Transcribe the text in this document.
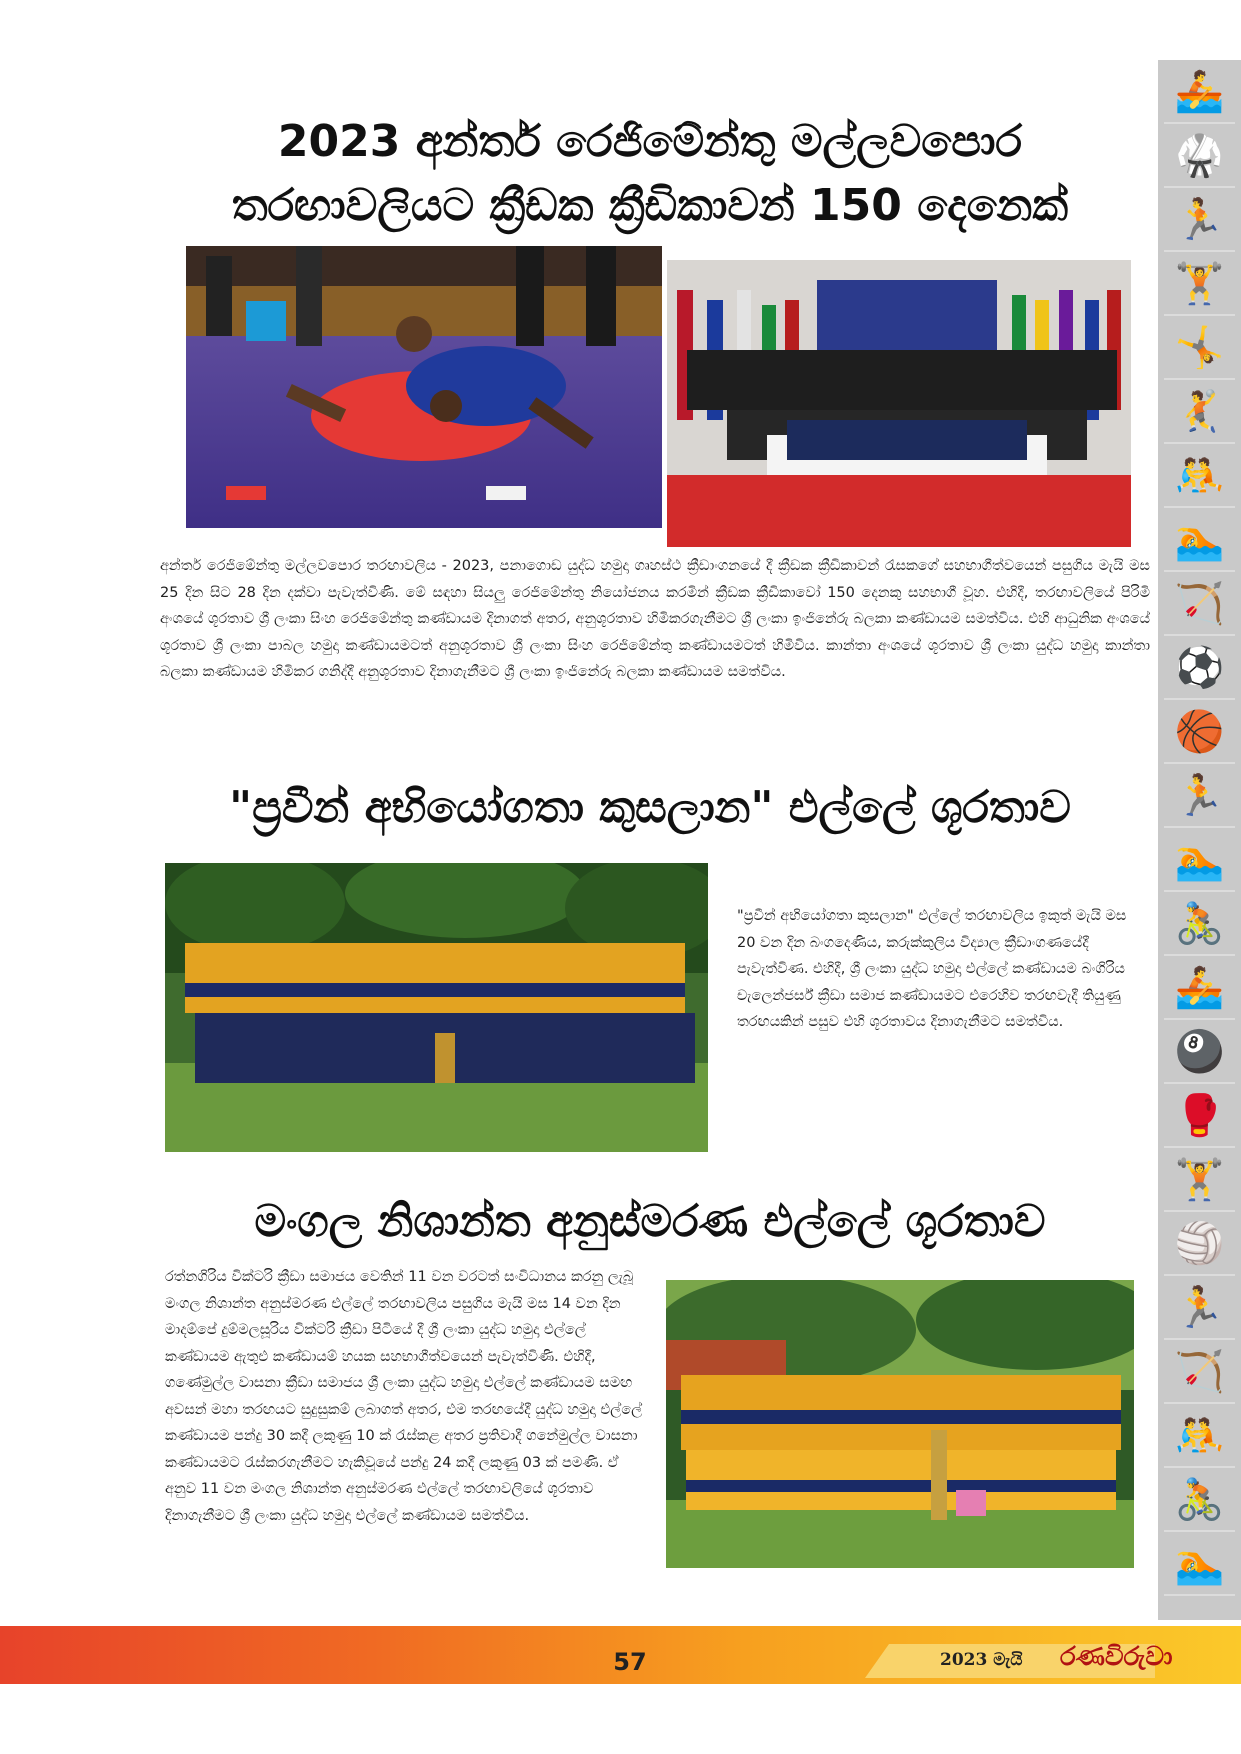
🚣
🥋
🏃
🏋
🤸
🤾
🤼
🏊
🏹
⚽
🏀
🏃
🏊
🚴
🚣
🎱
🥊
🏋
🏐
🏃
🏹
🤼
🚴
🏊
2023 අන්තර් රෙජිමේන්තු මල්ලවපොර
තරඟාවලියට ක්‍රීඩක ක්‍රීඩිකාවන් 150 දෙනෙක්

අන්තර් රෙජිමේන්තු මල්ලවපොර තරඟාවලිය - 2023, පනාගොඩ යුද්ධ හමුදා ගෘහස්ථ ක්‍රීඩාංගනයේ දී ක්‍රීඩක ක්‍රීඩිකාවන් රැසකගේ සහභාගීත්වයෙන් පසුගිය මැයි මස 25 දින සිට 28 දින දක්වා පැවැත්විණි. මේ සඳහා සියලු රෙජිමේන්තු නියෝජනය කරමින් ක්‍රීඩක ක්‍රීඩිකාවෝ 150 දෙනකු සහභාගී වූහ. එහිදී, තරඟාවලියේ පිරිමි අංශයේ ශූරතාව ශ්‍රී ලංකා සිංහ රෙජිමේන්තු කණ්ඩායම දිනාගත් අතර, අනුශූරතාව හිමිකරගැනීමට ශ්‍රී ලංකා ඉංජිනේරු බලකා කණ්ඩායම සමත්විය. එහි ආධුනික අංශයේ ශූරතාව ශ්‍රී ලංකා පාබල හමුදා කණ්ඩායමටත් අනුශූරතාව ශ්‍රී ලංකා සිංහ රෙජිමේන්තු කණ්ඩායමටත් හිමිවිය. කාන්තා අංශයේ ශූරතාව ශ්‍රී ලංකා යුද්ධ හමුදා කාන්තා බලකා කණ්ඩායම හිමිකර ගනිද්දී අනුශූරතාව දිනාගැනීමට ශ්‍රී ලංකා ඉංජිනේරු බලකා කණ්ඩායම සමත්විය.

"ප්‍රවීන් අභියෝගතා කුසලාන" එල්ලේ ශූරතාව

"ප්‍රවීන් අභියෝගතා කුසලාන" එල්ලේ තරඟාවලිය ඉකුත් මැයි මස 20 වන දින බංගදෙණිය, කරුක්කුලිය විද්‍යාල ක්‍රීඩාංගණයේදී පැවැත්විණ. එහිදී, ශ්‍රී ලංකා යුද්ධ හමුදා එල්ලේ කණ්ඩායම බංගිරිය චැලෙන්ජර්ස් ක්‍රීඩා සමාජ කණ්ඩායමට එරෙහිව තරඟවැදී තියුණු තරඟයකින් පසුව එහි ශූරතාවය දිනාගැනීමට සමත්විය.

මංගල නිශාන්ත අනුස්මරණ එල්ලේ ශූරතාව

රත්නගිරිය වික්ටරි ක්‍රීඩා සමාජය වෙතින් 11 වන වරටත් සංවිධානය කරනු ලැබූ මංගල නිශාන්ත අනුස්මරණ එල්ලේ තරඟාවලිය පසුගිය මැයි මස 14 වන දින මාදම්පේ දුම්මලසූරිය වික්ටරි ක්‍රීඩා පිටියේ දී ශ්‍රී ලංකා යුද්ධ හමුදා එල්ලේ කණ්ඩායම ඇතුළු කණ්ඩායම් හයක සහභාගීත්වයෙන් පැවැත්විණි. එහිදී, ගණේමුල්ල වාසනා ක්‍රීඩා සමාජය ශ්‍රී ලංකා යුද්ධ හමුදා එල්ලේ කණ්ඩායම සමඟ අවසන් මහා තරඟයට සුදුසුකම් ලබාගත් අතර, එම තරඟයේදී යුද්ධ හමුදා එල්ලේ කණ්ඩායම පන්දු 30 කදී ලකුණු 10 ක් රැස්කළ අතර ප්‍රතිවාදී ගනේමුල්ල වාසනා කණ්ඩායමට රැස්කරගැනීමට හැකිවූයේ පන්දු 24 කදී ලකුණු 03 ක් පමණි. ඒ අනුව 11 වන මංගල නිශාන්ත අනුස්මරණ එල්ලේ තරඟාවලියේ ශූරතාව දිනාගැනීමට ශ්‍රී ලංකා යුද්ධ හමුදා එල්ලේ කණ්ඩායම සමත්විය.

57	2023 මැයි රණවිරුවා
